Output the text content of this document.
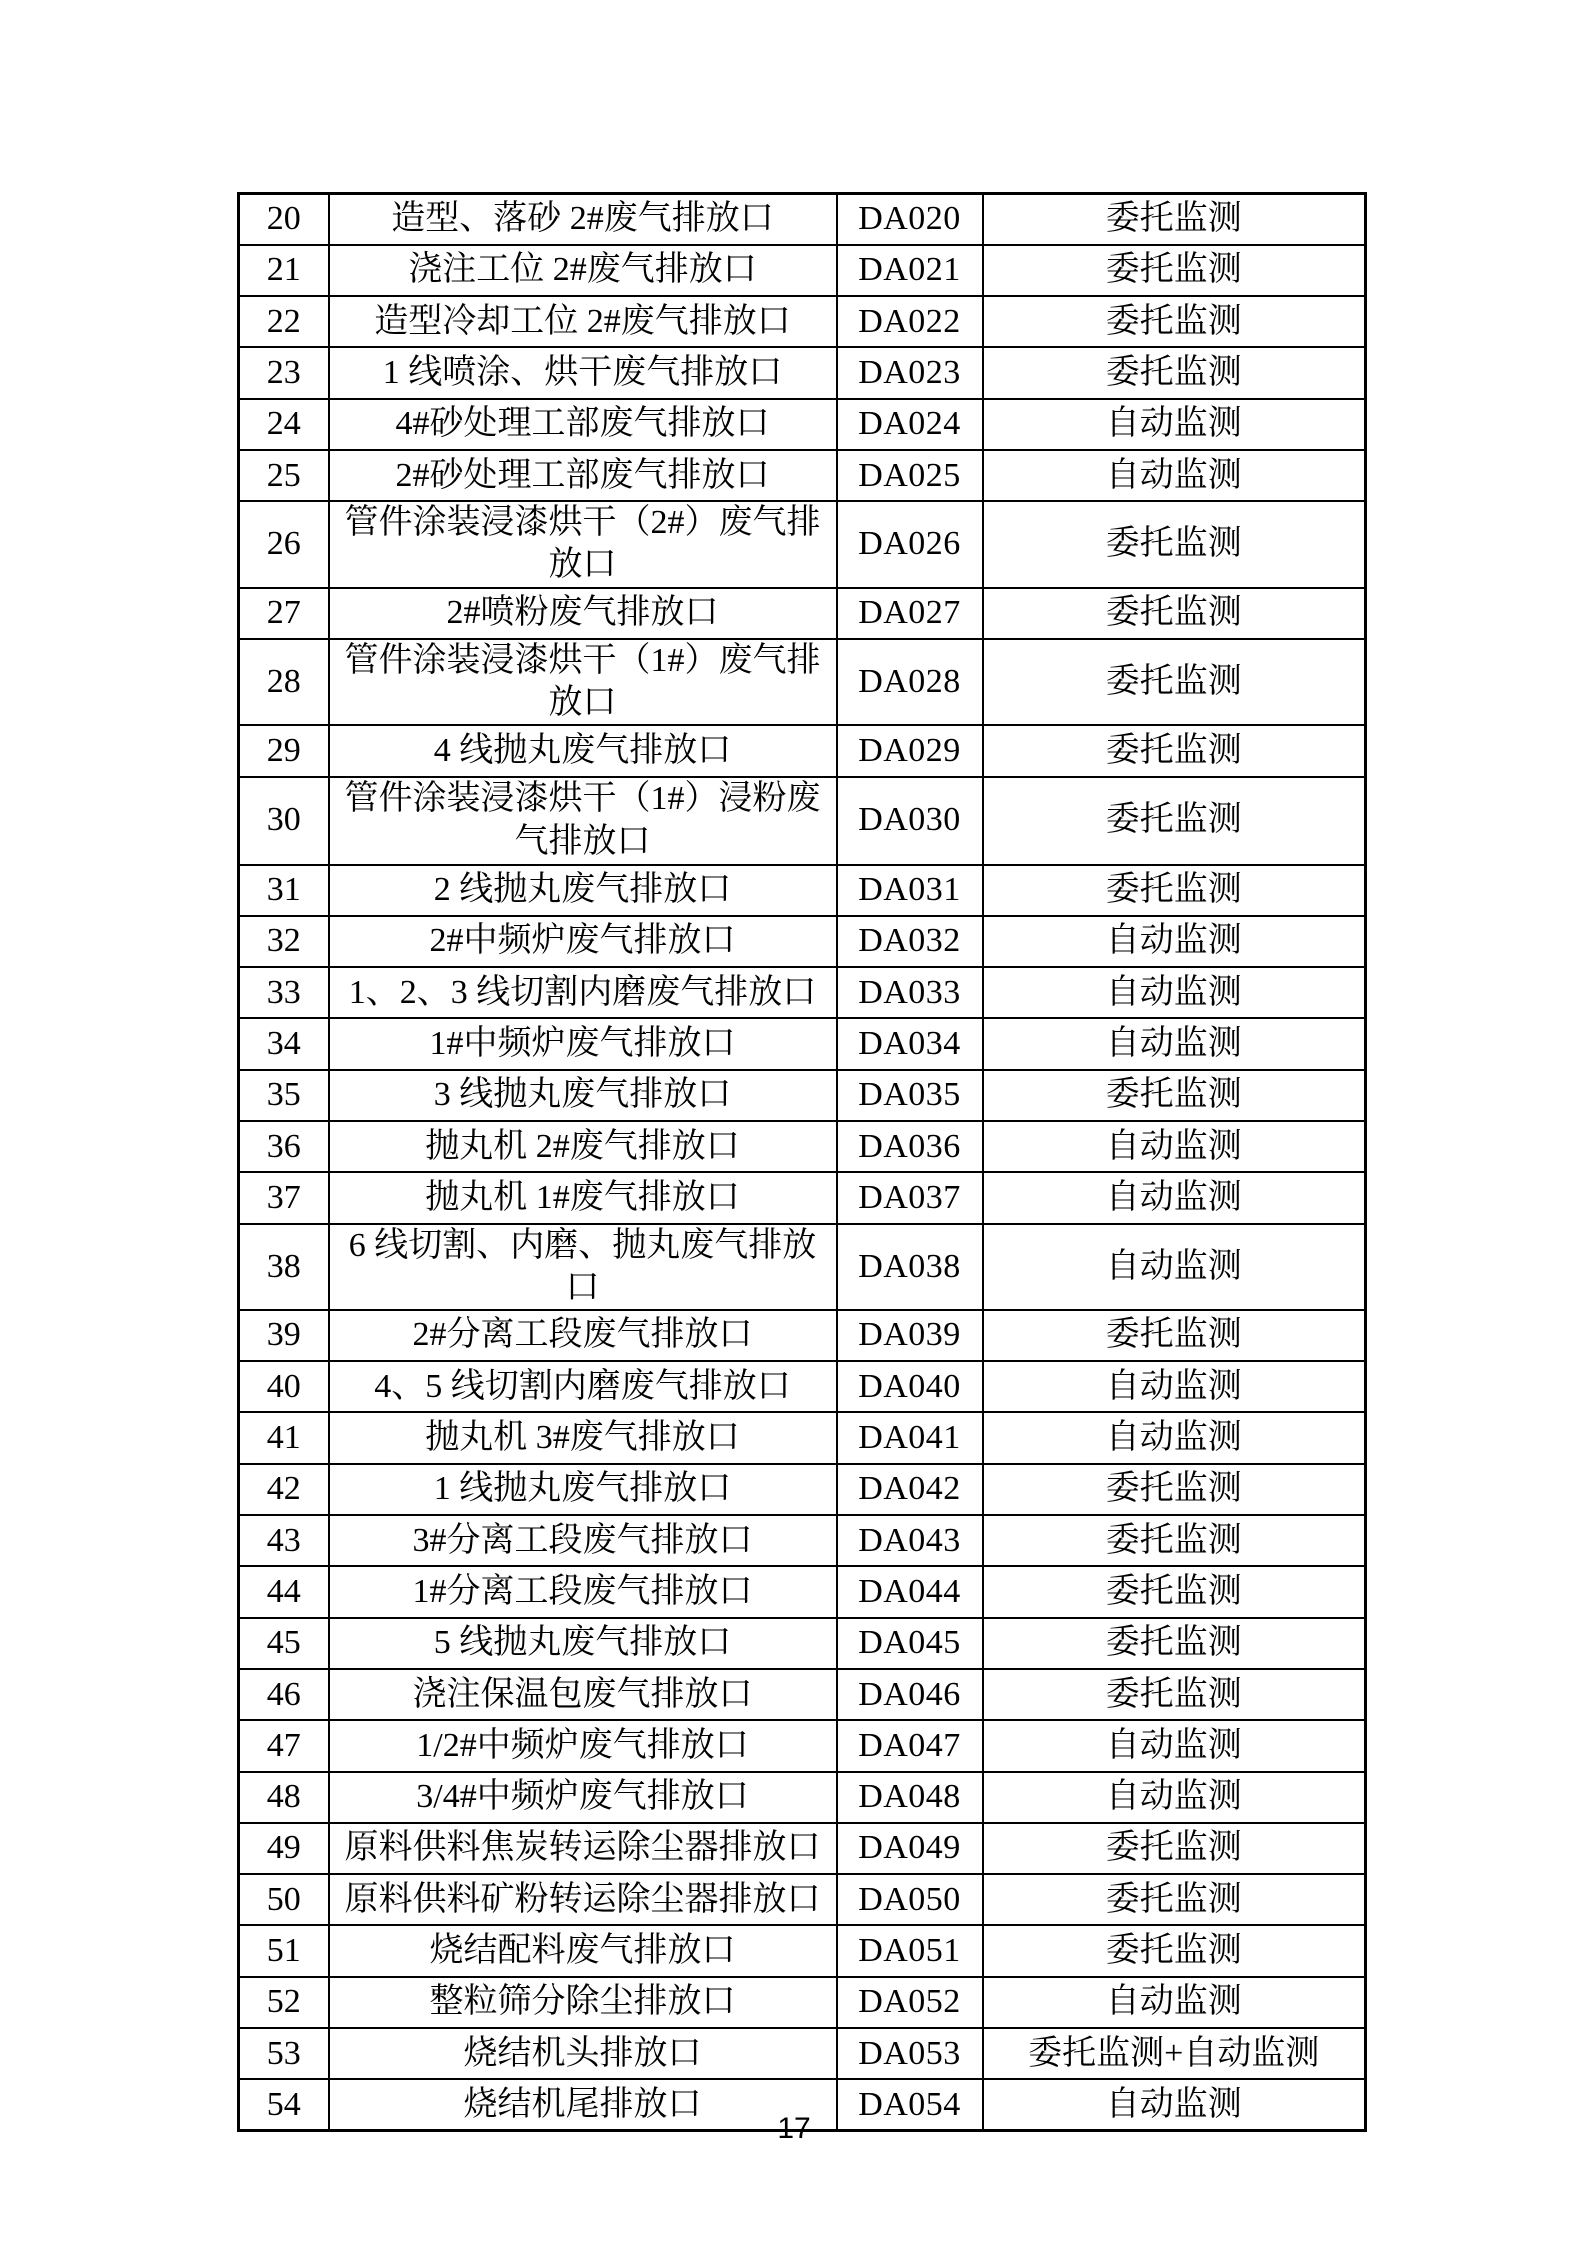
20	造型、落砂 2#废气排放口	DA020	委托监测
21	浇注工位 2#废气排放口	DA021	委托监测
22	造型冷却工位 2#废气排放口	DA022	委托监测
23	1 线喷涂、烘干废气排放口	DA023	委托监测
24	4#砂处理工部废气排放口	DA024	自动监测
25	2#砂处理工部废气排放口	DA025	自动监测
26	管件涂装浸漆烘干（2#）废气排放口	DA026	委托监测
27	2#喷粉废气排放口	DA027	委托监测
28	管件涂装浸漆烘干（1#）废气排放口	DA028	委托监测
29	4 线抛丸废气排放口	DA029	委托监测
30	管件涂装浸漆烘干（1#）浸粉废气排放口	DA030	委托监测
31	2 线抛丸废气排放口	DA031	委托监测
32	2#中频炉废气排放口	DA032	自动监测
33	1、2、3 线切割内磨废气排放口	DA033	自动监测
34	1#中频炉废气排放口	DA034	自动监测
35	3 线抛丸废气排放口	DA035	委托监测
36	抛丸机 2#废气排放口	DA036	自动监测
37	抛丸机 1#废气排放口	DA037	自动监测
38	6 线切割、内磨、抛丸废气排放口	DA038	自动监测
39	2#分离工段废气排放口	DA039	委托监测
40	4、5 线切割内磨废气排放口	DA040	自动监测
41	抛丸机 3#废气排放口	DA041	自动监测
42	1 线抛丸废气排放口	DA042	委托监测
43	3#分离工段废气排放口	DA043	委托监测
44	1#分离工段废气排放口	DA044	委托监测
45	5 线抛丸废气排放口	DA045	委托监测
46	浇注保温包废气排放口	DA046	委托监测
47	1/2#中频炉废气排放口	DA047	自动监测
48	3/4#中频炉废气排放口	DA048	自动监测
49	原料供料焦炭转运除尘器排放口	DA049	委托监测
50	原料供料矿粉转运除尘器排放口	DA050	委托监测
51	烧结配料废气排放口	DA051	委托监测
52	整粒筛分除尘排放口	DA052	自动监测
53	烧结机头排放口	DA053	委托监测+自动监测
54	烧结机尾排放口	DA054	自动监测
17
